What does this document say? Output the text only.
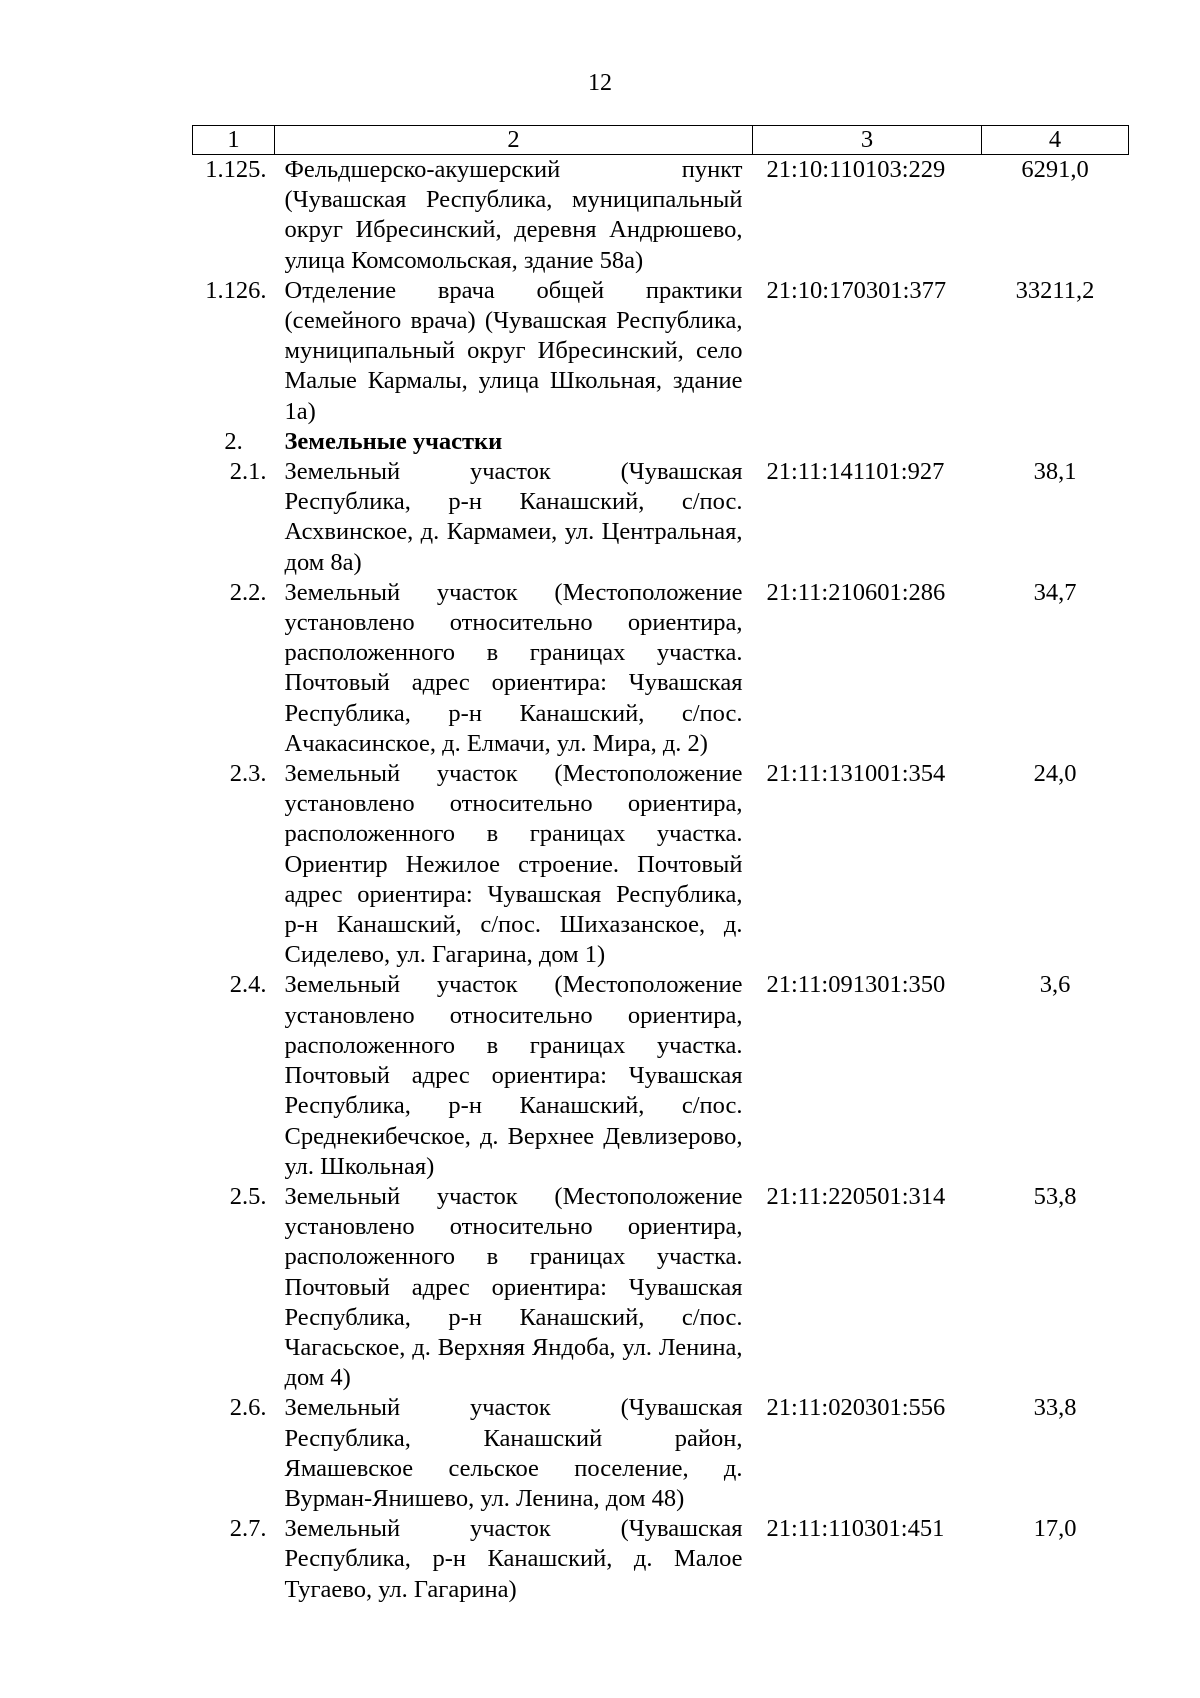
12
1	2	3	4
1.125.	Фельдшерско-акушерский пункт (Чувашская Республика, муниципальный округ Ибресинский, деревня Андрюшево, улица Комсомольская, здание 58а)	21:10:110103:229	6291,0
1.126.	Отделение врача общей практики (семейного врача) (Чувашская Республика, муниципальный округ Ибресинский, село Малые Кармалы, улица Школьная, здание 1а)	21:10:170301:377	33211,2
2.	Земельные участки		
2.1.	Земельный участок (Чувашская Республика, р-н Канашский, с/пос. Асхвинское, д. Кармамеи, ул. Центральная, дом 8а)	21:11:141101:927	38,1
2.2.	Земельный участок (Местоположение установлено относительно ориентира, расположенного в границах участка. Почтовый адрес ориентира: Чувашская Республика, р-н Канашский, с/пос. Ачакасинское, д. Елмачи, ул. Мира, д. 2)	21:11:210601:286	34,7
2.3.	Земельный участок (Местоположение установлено относительно ориентира, расположенного в границах участка. Ориентир Нежилое строение. Почтовый адрес ориентира: Чувашская Республика, р-н Канашский, с/пос. Шихазанское, д. Сиделево, ул. Гагарина, дом 1)	21:11:131001:354	24,0
2.4.	Земельный участок (Местоположение установлено относительно ориентира, расположенного в границах участка. Почтовый адрес ориентира: Чувашская Республика, р-н Канашский, с/пос. Среднекибечское, д. Верхнее Девлизерово, ул. Школьная)	21:11:091301:350	3,6
2.5.	Земельный участок (Местоположение установлено относительно ориентира, расположенного в границах участка. Почтовый адрес ориентира: Чувашская Республика, р-н Канашский, с/пос. Чагасьское, д. Верхняя Яндоба, ул. Ленина, дом 4)	21:11:220501:314	53,8
2.6.	Земельный участок (Чувашская Республика, Канашский район, Ямашевское сельское поселение, д. Вурман-Янишево, ул. Ленина, дом 48)	21:11:020301:556	33,8
2.7.	Земельный участок (Чувашская Республика, р-н Канашский, д. Малое Тугаево, ул. Гагарина)	21:11:110301:451	17,0
